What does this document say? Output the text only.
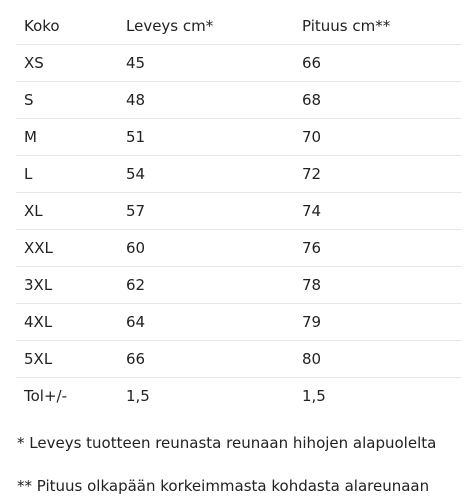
Koko	Leveys cm*	Pituus cm**
XS	45	66
S	48	68
M	51	70
L	54	72
XL	57	74
XXL	60	76
3XL	62	78
4XL	64	79
5XL	66	80
Tol+/-	1,5	1,5
* Leveys tuotteen reunasta reunaan hihojen alapuolelta
** Pituus olkapään korkeimmasta kohdasta alareunaan
